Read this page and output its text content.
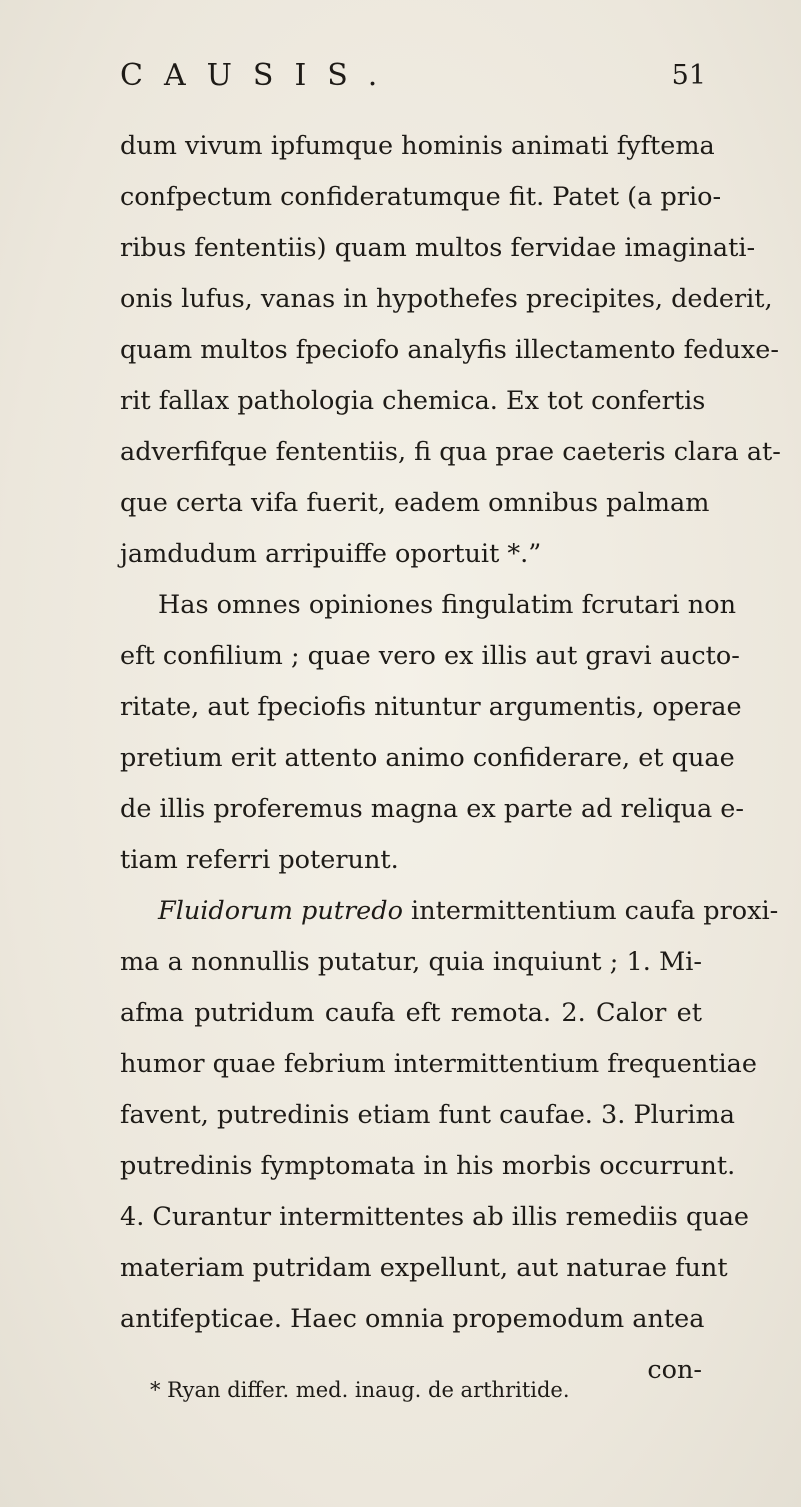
CAUSIS.	51
dum vivum ipfumque hominis animati fyftema
confpectum confideratumque fit. Patet (a prio-
ribus fententiis) quam multos fervidae imaginati-
onis lufus, vanas in hypothefes precipites, dederit,
quam multos fpeciofo analyfis illectamento feduxe-
rit fallax pathologia chemica. Ex tot confertis
adverfifque fententiis, fi qua prae caeteris clara at-
que certa vifa fuerit, eadem omnibus palmam
jamdudum arripuiffe oportuit *.”
Has omnes opiniones fingulatim fcrutari non
eft confilium ; quae vero ex illis aut gravi aucto-
ritate, aut fpeciofis nituntur argumentis, operae
pretium erit attento animo confiderare, et quae
de illis proferemus magna ex parte ad reliqua e-
tiam referri poterunt.
Fluidorum putredo intermittentium caufa proxi-
ma a nonnullis putatur, quia inquiunt ; 1. Mi-
afma putridum caufa eft remota. 2. Calor et
humor quae febrium intermittentium frequentiae
favent, putredinis etiam funt caufae. 3. Plurima
putredinis fymptomata in his morbis occurrunt.
4. Curantur intermittentes ab illis remediis quae
materiam putridam expellunt, aut naturae funt
antifepticae. Haec omnia propemodum antea
con-
* Ryan differ. med. inaug. de arthritide.
